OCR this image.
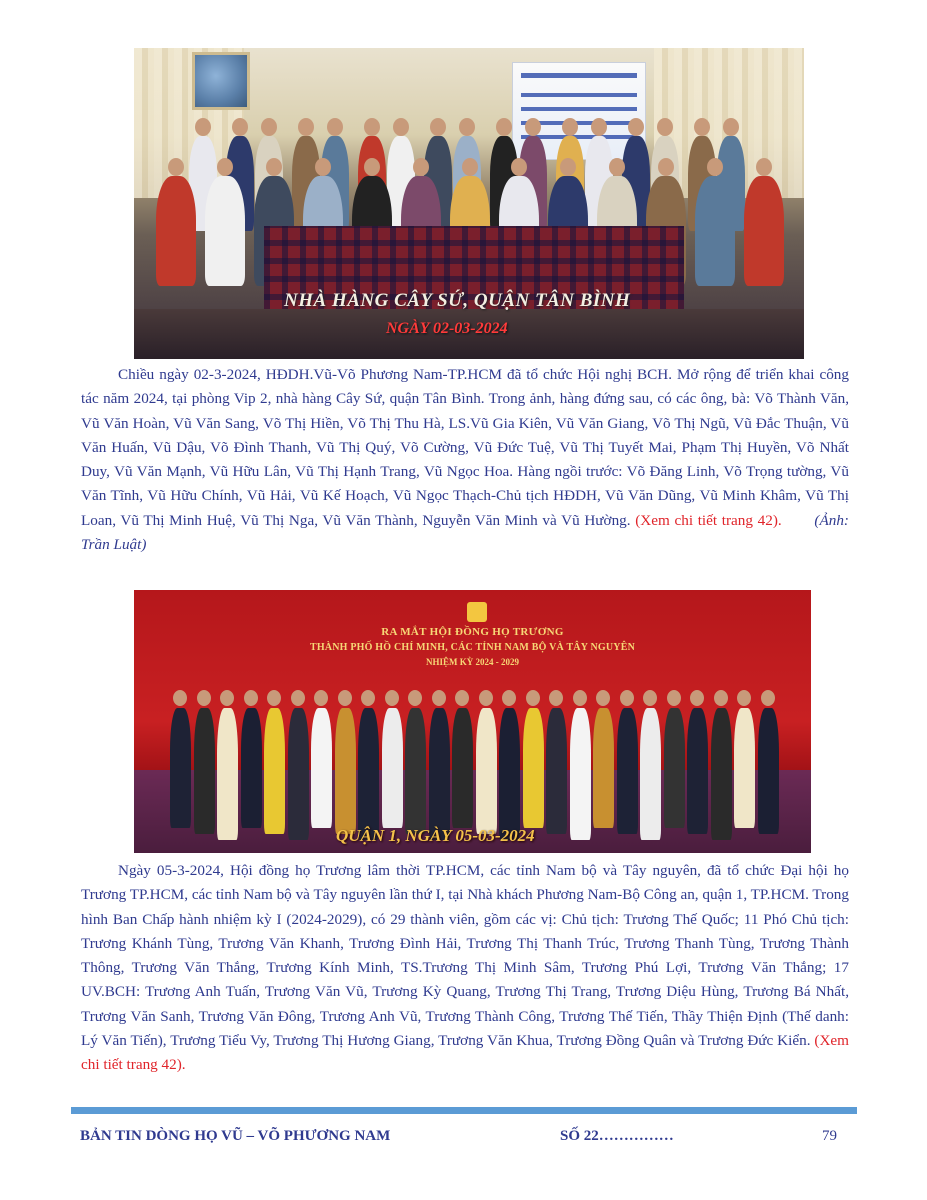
NHÀ HÀNG CÂY SỨ, QUẬN TÂN BÌNH
NGÀY 02-03-2024

Chiều ngày 02-3-2024, HĐDH.Vũ-Võ Phương Nam-TP.HCM đã tổ chức Hội nghị BCH. Mở rộng để triển khai công tác năm 2024, tại phòng Vip 2, nhà hàng Cây Sứ, quận Tân Bình. Trong ảnh, hàng đứng sau, có các ông, bà: Võ Thành Văn, Vũ Văn Hoàn, Vũ Văn Sang, Võ Thị Hiền, Võ Thị Thu Hà, LS.Vũ Gia Kiên, Vũ Văn Giang, Võ Thị Ngũ, Vũ Đắc Thuận, Vũ Văn Huấn, Vũ Dậu, Võ Đình Thanh, Vũ Thị Quý, Võ Cường, Vũ Đức Tuệ, Vũ Thị Tuyết Mai, Phạm Thị Huyền, Võ Nhất Duy, Vũ Văn Mạnh, Vũ Hữu Lân, Vũ Thị Hạnh Trang, Vũ Ngọc Hoa. Hàng ngồi trước: Võ Đăng Linh, Võ Trọng tường, Vũ Văn Tĩnh, Vũ Hữu Chính, Vũ Hải, Vũ Kế Hoạch, Vũ Ngọc Thạch-Chủ tịch HĐDH, Vũ Văn Dũng, Vũ Minh Khâm, Vũ Thị Loan, Vũ Thị Minh Huệ, Vũ Thị Nga, Vũ Văn Thành, Nguyễn Văn Minh và Vũ Hường. (Xem chi tiết trang 42). (Ảnh: Trần Luật)

RA MẮT HỘI ĐỒNG HỌ TRƯƠNG
THÀNH PHỐ HỒ CHÍ MINH, CÁC TỈNH NAM BỘ VÀ TÂY NGUYÊN
NHIỆM KỲ 2024 - 2029
QUẬN 1, NGÀY 05-03-2024

Ngày 05-3-2024, Hội đồng họ Trương lâm thời TP.HCM, các tỉnh Nam bộ và Tây nguyên, đã tổ chức Đại hội họ Trương TP.HCM, các tỉnh Nam bộ và Tây nguyên lần thứ I, tại Nhà khách Phương Nam-Bộ Công an, quận 1, TP.HCM. Trong hình Ban Chấp hành nhiệm kỳ I (2024-2029), có 29 thành viên, gồm các vị: Chủ tịch: Trương Thế Quốc; 11 Phó Chủ tịch: Trương Khánh Tùng, Trương Văn Khanh, Trương Đình Hải, Trương Thị Thanh Trúc, Trương Thanh Tùng, Trương Thành Thông, Trương Văn Thắng, Trương Kính Minh, TS.Trương Thị Minh Sâm, Trương Phú Lợi, Trương Văn Thắng; 17 UV.BCH: Trương Anh Tuấn, Trương Văn Vũ, Trương Kỳ Quang, Trương Thị Trang, Trương Diệu Hùng, Trương Bá Nhất, Trương Văn Sanh, Trương Văn Đông, Trương Anh Vũ, Trương Thành Công, Trương Thế Tiến, Thầy Thiện Định (Thế danh: Lý Văn Tiến), Trương Tiểu Vy, Trương Thị Hương Giang, Trương Văn Khua, Trương Đồng Quân và Trương Đức Kiển. (Xem chi tiết trang 42).

BẢN TIN DÒNG HỌ VŨ – VÕ PHƯƠNG NAM	SỐ 22……………	79
